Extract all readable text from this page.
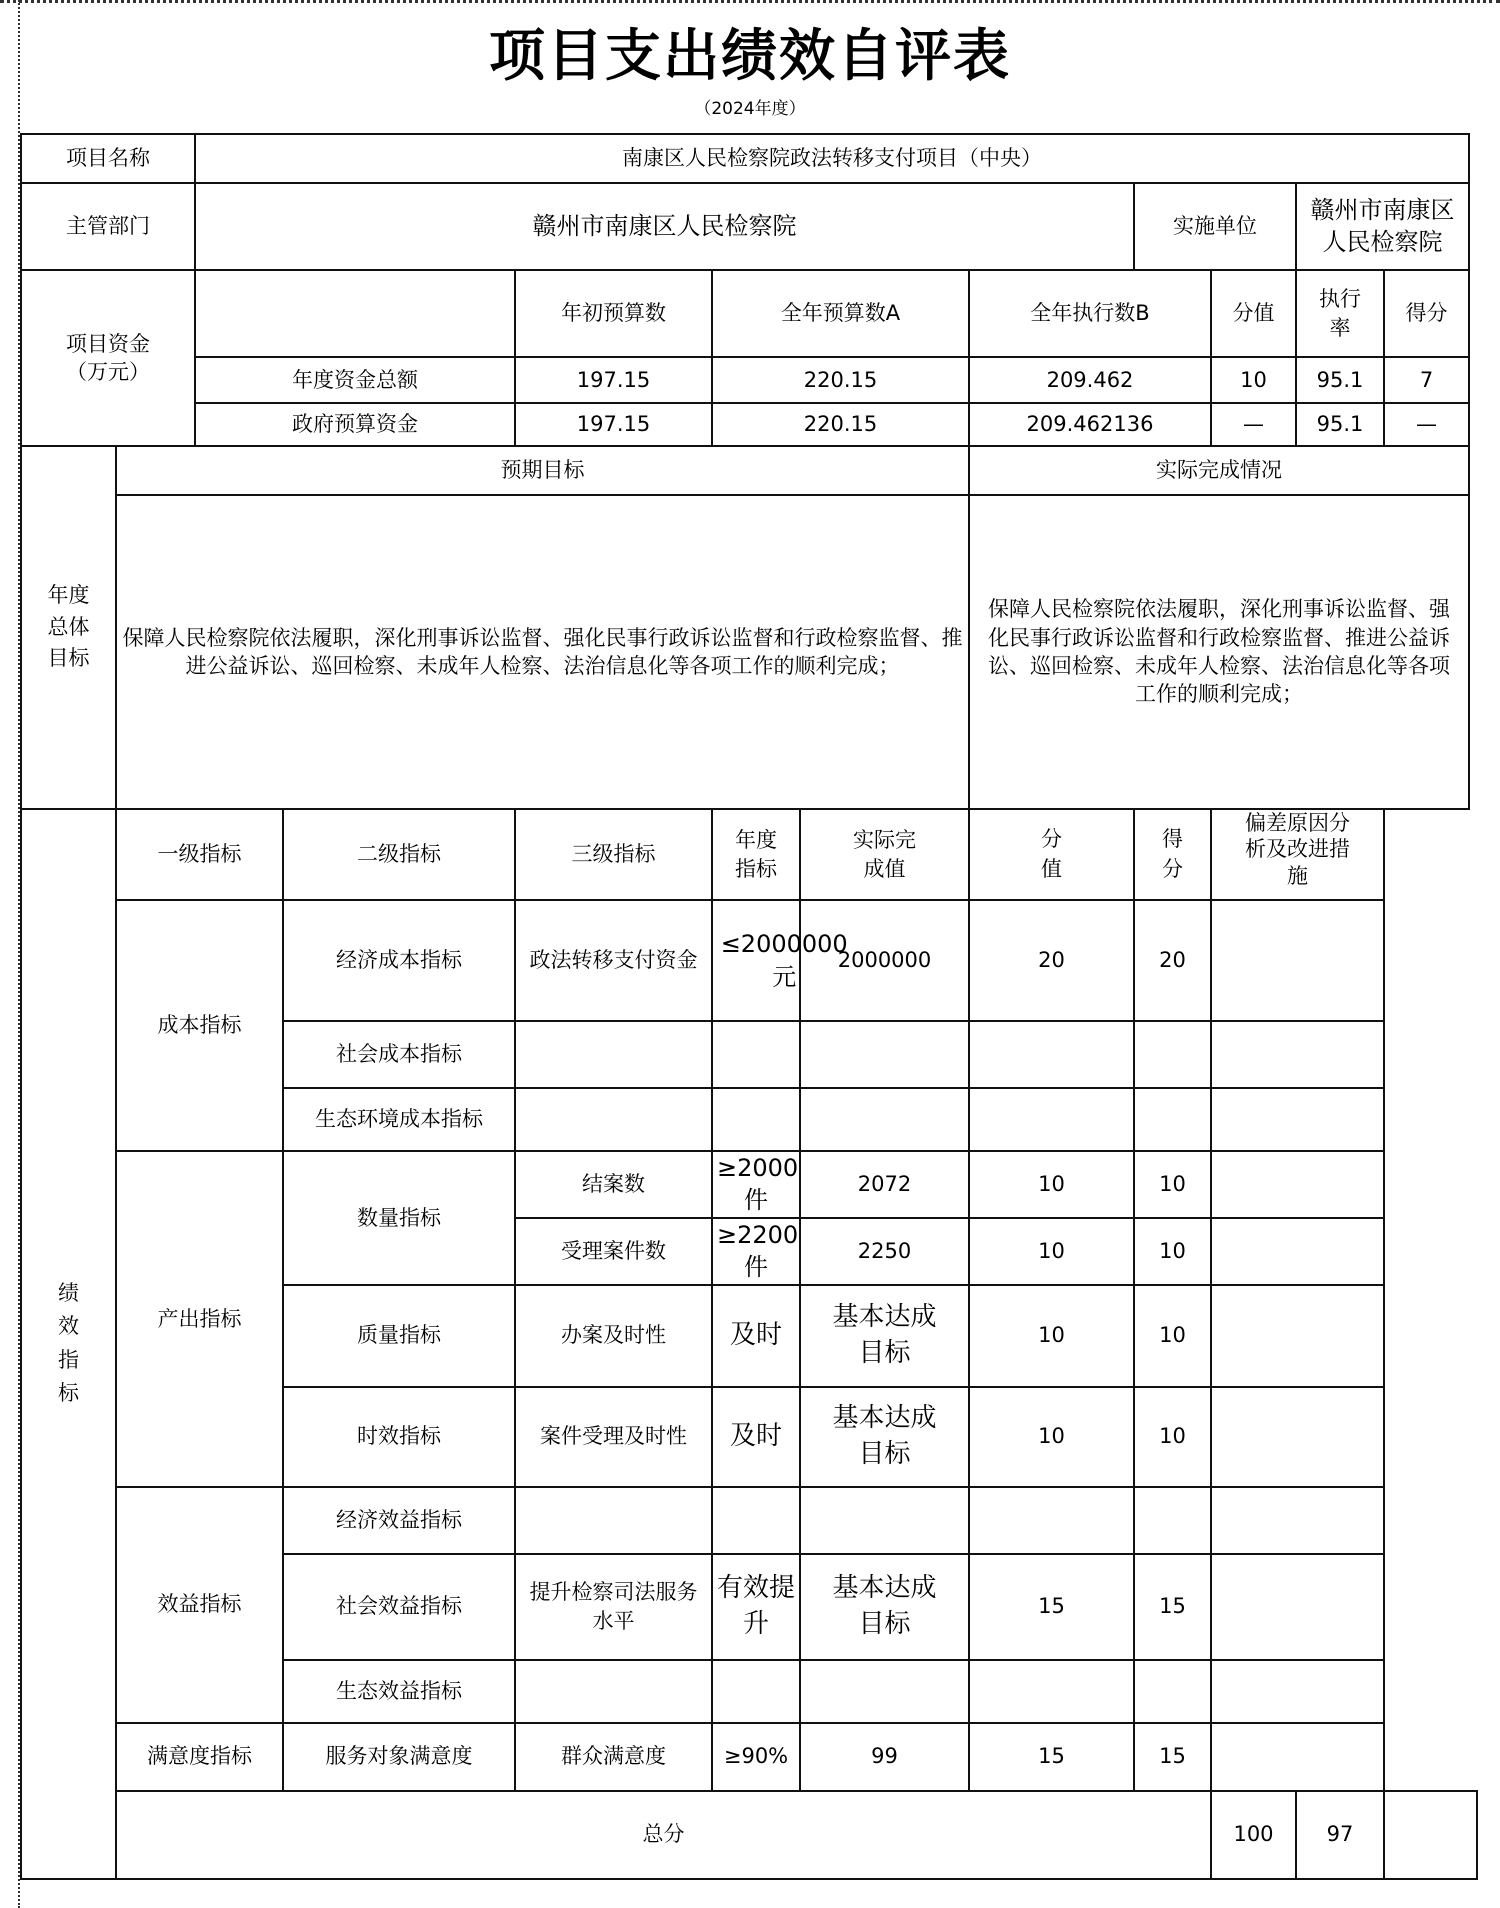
项目支出绩效自评表
（2024年度）
项目名称		南康区人民检察院政法转移支付项目（中央）									
主管部门		赣州市南康区人民检察院						实施单位		赣州市南康区人民检察院	
项目资金（万元）				年初预算数	全年预算数A		全年执行数B		分值	执行率	得分
		年度资金总额		197.15	220.15		209.462		10	95.1	7
		政府预算资金		197.15	220.15		209.462136		—	95.1	—
年度总体目标	预期目标						实际完成情况				
	保障人民检察院依法履职，深化刑事诉讼监督、强化民事行政诉讼监督和行政检察监督、推进公益诉讼、巡回检察、未成年人检察、法治信息化等各项工作的顺利完成；						保障人民检察院依法履职，深化刑事诉讼监督、强化民事行政诉讼监督和行政检察监督、推进公益诉讼、巡回检察、未成年人检察、法治信息化等各项工作的顺利完成；				
绩效指标	一级指标		二级指标	三级指标	年度指标	实际完成值	分值	得分	偏差原因分析及改进措施		
	成本指标		经济成本指标	政法转移支付资金	≤2000000元	2000000	20	20			
			社会成本指标								
			生态环境成本指标								
	产出指标		数量指标	结案数	≥2000件	2072	10	10			
				受理案件数	≥2200件	2250	10	10			
			质量指标	办案及时性	及时	基本达成目标	10	10			
			时效指标	案件受理及时性	及时	基本达成目标	10	10			
	效益指标		经济效益指标								
			社会效益指标	提升检察司法服务水平	有效提升	基本达成目标	15	15			
			生态效益指标								
	满意度指标		服务对象满意度	群众满意度	≥90%	99	15	15			
	总分								100	97	
